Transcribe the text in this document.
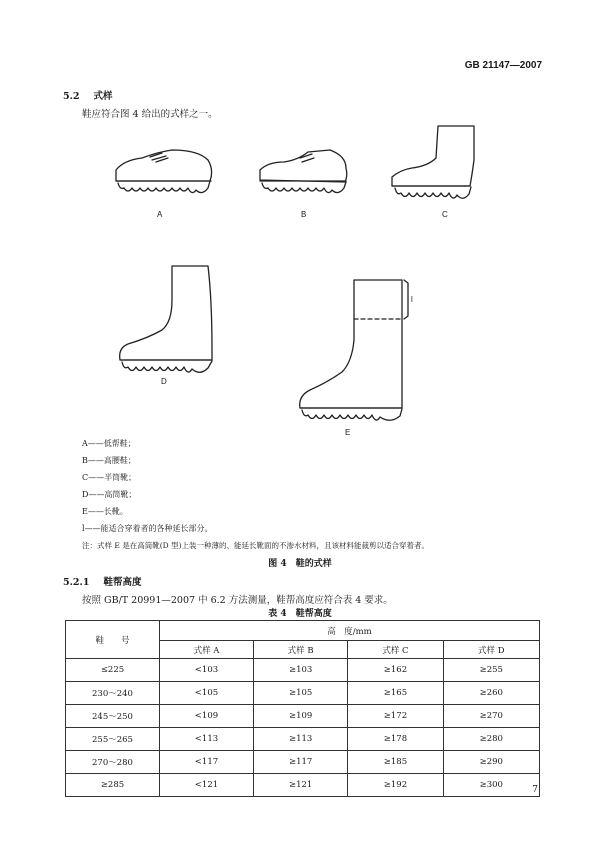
GB 21147—2007
5.2 式样
鞋应符合图 4 给出的式样之一。
A	B	C
D
E
l
A——低帮鞋；
B——高腰鞋；
C——半筒靴；
D——高筒靴；
E——长靴。
l——能适合穿着者的各种延长部分。
注：式样 E 是在高筒靴(D 型)上装一种薄的、能延长靴面的不渗水材料，且该材料能裁剪以适合穿着者。
图 4　鞋的式样
5.2.1 鞋帮高度
按照 GB/T 20991—2007 中 6.2 方法测量，鞋帮高度应符合表 4 要求。
鞋　　号	高　度/mm			
	式样 A	式样 B	式样 C	式样 D
≤225	<103	≥103	≥162	≥255
230～240	<105	≥105	≥165	≥260
245～250	<109	≥109	≥172	≥270
255～265	<113	≥113	≥178	≥280
270～280	<117	≥117	≥185	≥290
≥285	<121	≥121	≥192	≥300
表 4　鞋帮高度
7
